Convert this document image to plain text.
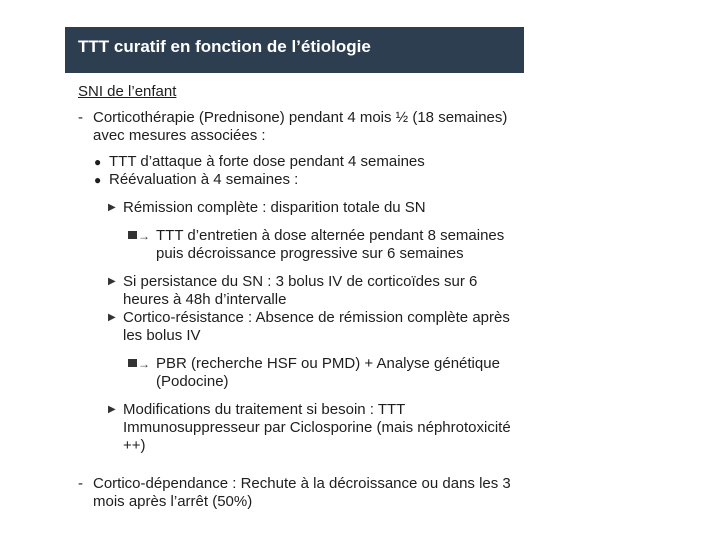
TTT curatif en fonction de l’étiologie
SNI de l’enfant
- Corticothérapie (Prednisone) pendant 4 mois ½ (18 semaines) avec mesures associées :
● TTT d’attaque à forte dose pendant 4 semaines
● Réévaluation à 4 semaines :
▶ Rémission complète : disparition totale du SN
→ TTT d’entretien à dose alternée pendant 8 semaines puis décroissance progressive sur 6 semaines
▶ Si persistance du SN : 3 bolus IV de corticoïdes sur 6 heures à 48h d’intervalle
▶ Cortico-résistance : Absence de rémission complète après les bolus IV
→ PBR (recherche HSF ou PMD) + Analyse génétique (Podocine)
▶ Modifications du traitement si besoin : TTT Immunosuppresseur par Ciclosporine (mais néphrotoxicité ++)
- Cortico-dépendance : Rechute à la décroissance ou dans les 3 mois après l’arrêt (50%)
